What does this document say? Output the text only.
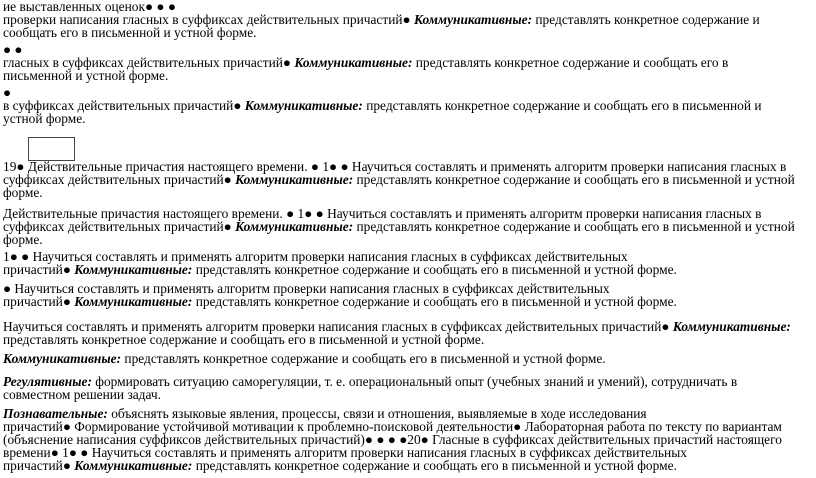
ие выставленных оценок● ● ●
проверки написания гласных в суффиксах действительных причастий● Коммуникативные: представлять конкретное содержание и
сообщать его в письменной и устной форме.
● ●
гласных в суффиксах действительных причастий● Коммуникативные: представлять конкретное содержание и сообщать его в
письменной и устной форме.
●
в суффиксах действительных причастий● Коммуникативные: представлять конкретное содержание и сообщать его в письменной и
устной форме.
19● Действительные причастия настоящего времени. ● 1● ● Научиться составлять и применять алгоритм проверки написания гласных в
суффиксах действительных причастий● Коммуникативные: представлять конкретное содержание и сообщать его в письменной и устной
форме.
Действительные причастия настоящего времени. ● 1● ● Научиться составлять и применять алгоритм проверки написания гласных в
суффиксах действительных причастий● Коммуникативные: представлять конкретное содержание и сообщать его в письменной и устной
форме.
1● ● Научиться составлять и применять алгоритм проверки написания гласных в суффиксах действительных
причастий● Коммуникативные: представлять конкретное содержание и сообщать его в письменной и устной форме.
● Научиться составлять и применять алгоритм проверки написания гласных в суффиксах действительных
причастий● Коммуникативные: представлять конкретное содержание и сообщать его в письменной и устной форме.
Научиться составлять и применять алгоритм проверки написания гласных в суффиксах действительных причастий● Коммуникативные:
представлять конкретное содержание и сообщать его в письменной и устной форме.
Коммуникативные: представлять конкретное содержание и сообщать его в письменной и устной форме.
Регулятивные: формировать ситуацию саморегуляции, т. е. операциональный опыт (учебных знаний и умений), сотрудничать в
совместном решении задач.
Познавательные: объяснять языковые явления, процессы, связи и отношения, выявляемые в ходе исследования
причастий● Формирование устойчивой мотивации к проблемно-поисковой деятельности● Лабораторная работа по тексту по вариантам
(объяснение написания суффиксов действительных причастий)● ● ● ●20● Гласные в суффиксах действительных причастий настоящего
времени● 1● ● Научиться составлять и применять алгоритм проверки написания гласных в суффиксах действительных
причастий● Коммуникативные: представлять конкретное содержание и сообщать его в письменной и устной форме.
